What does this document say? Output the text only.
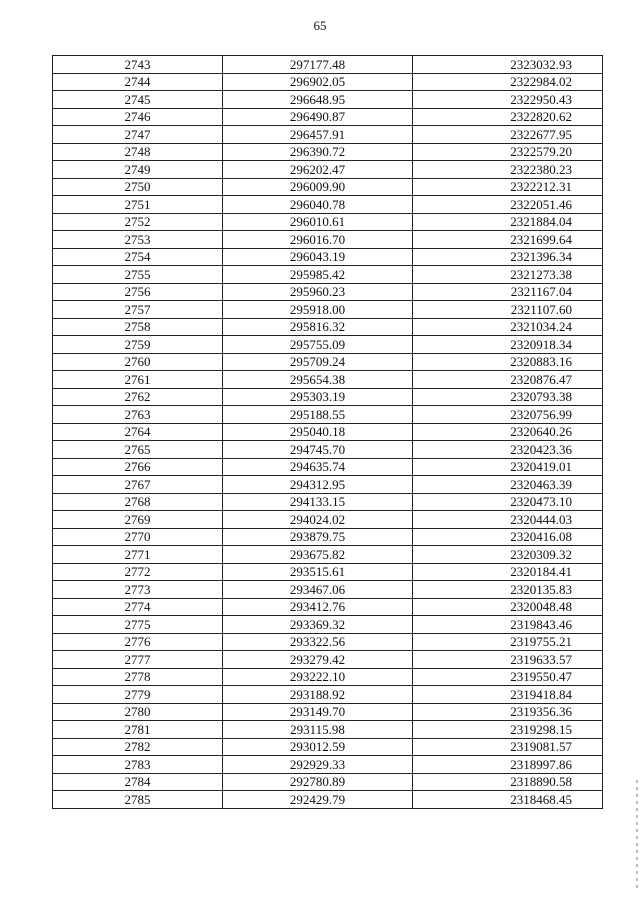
65
2743	297177.48	2323032.93
2744	296902.05	2322984.02
2745	296648.95	2322950.43
2746	296490.87	2322820.62
2747	296457.91	2322677.95
2748	296390.72	2322579.20
2749	296202.47	2322380.23
2750	296009.90	2322212.31
2751	296040.78	2322051.46
2752	296010.61	2321884.04
2753	296016.70	2321699.64
2754	296043.19	2321396.34
2755	295985.42	2321273.38
2756	295960.23	2321167.04
2757	295918.00	2321107.60
2758	295816.32	2321034.24
2759	295755.09	2320918.34
2760	295709.24	2320883.16
2761	295654.38	2320876.47
2762	295303.19	2320793.38
2763	295188.55	2320756.99
2764	295040.18	2320640.26
2765	294745.70	2320423.36
2766	294635.74	2320419.01
2767	294312.95	2320463.39
2768	294133.15	2320473.10
2769	294024.02	2320444.03
2770	293879.75	2320416.08
2771	293675.82	2320309.32
2772	293515.61	2320184.41
2773	293467.06	2320135.83
2774	293412.76	2320048.48
2775	293369.32	2319843.46
2776	293322.56	2319755.21
2777	293279.42	2319633.57
2778	293222.10	2319550.47
2779	293188.92	2319418.84
2780	293149.70	2319356.36
2781	293115.98	2319298.15
2782	293012.59	2319081.57
2783	292929.33	2318997.86
2784	292780.89	2318890.58
2785	292429.79	2318468.45
